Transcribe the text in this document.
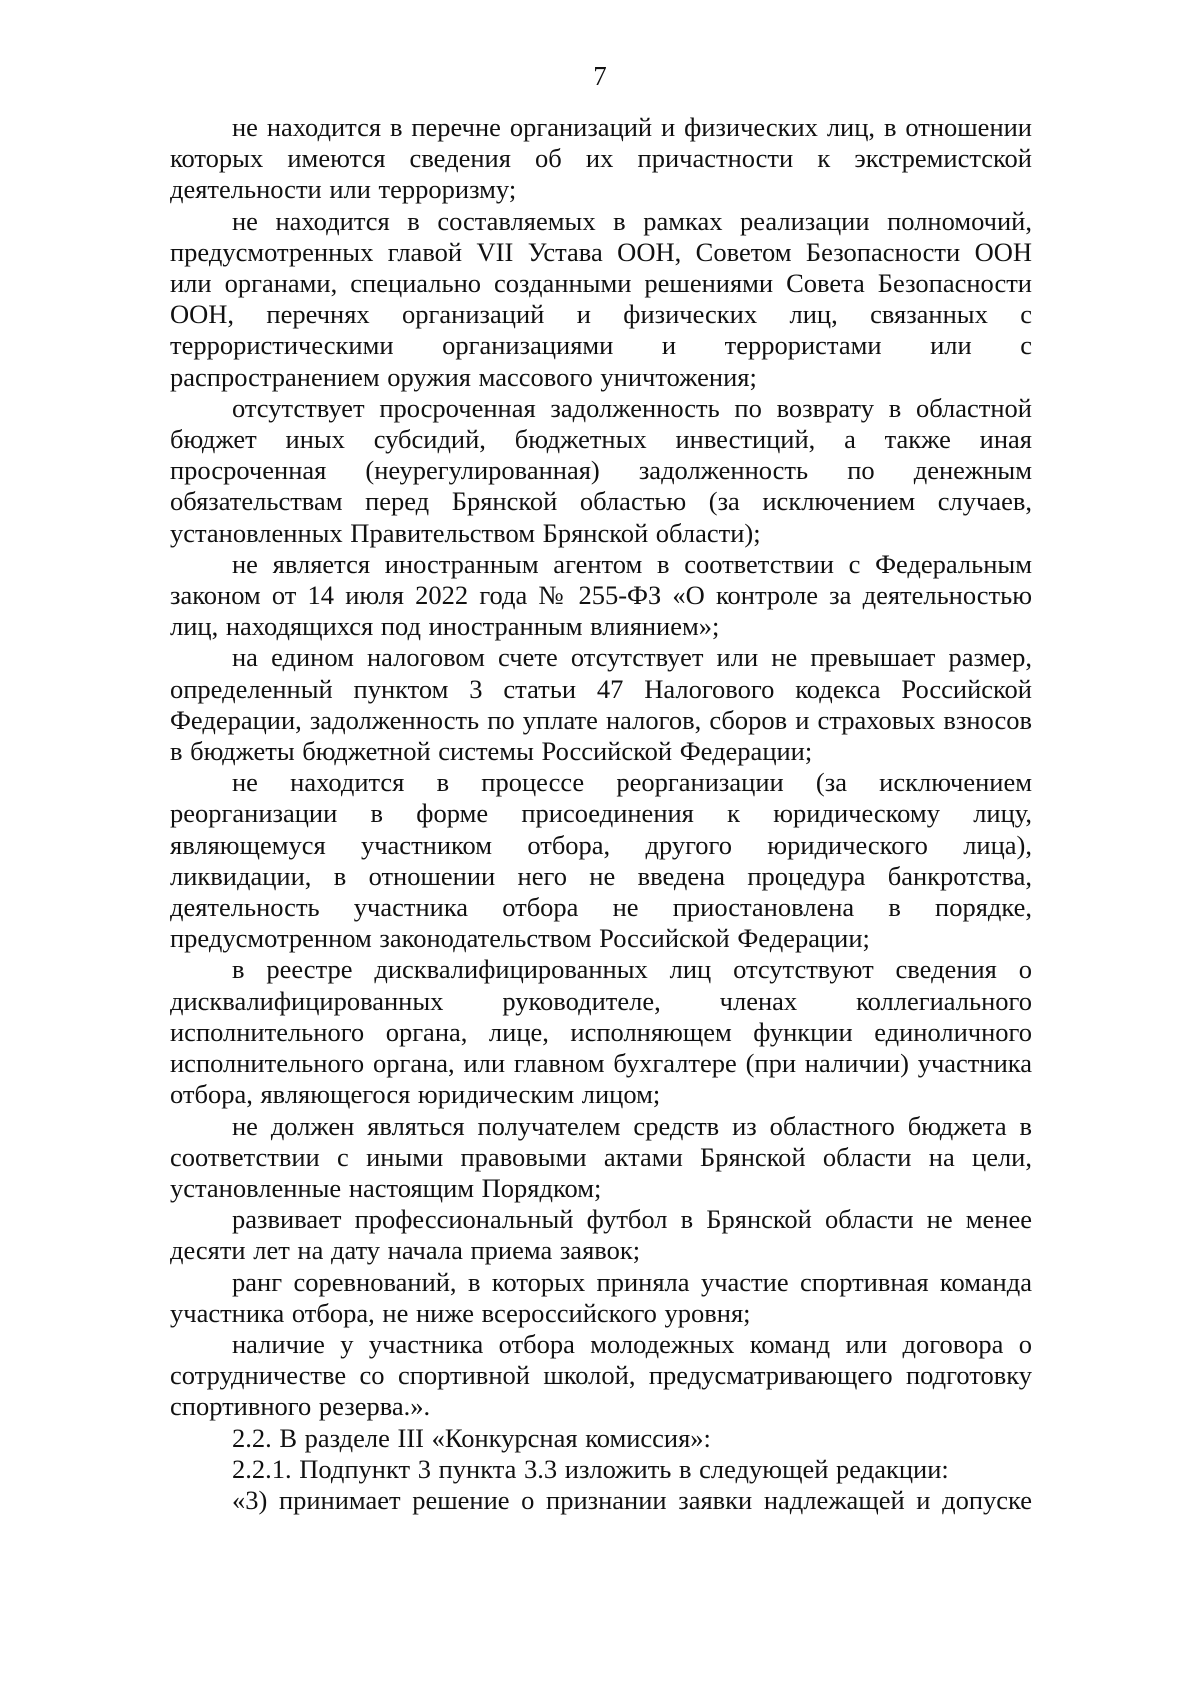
7

не находится в перечне организаций и физических лиц, в отношении которых имеются сведения об их причастности к экстремистской деятельности или терроризму;

не находится в составляемых в рамках реализации полномочий, предусмотренных главой VII Устава ООН, Советом Безопасности ООН или органами, специально созданными решениями Совета Безопасности ООН, перечнях организаций и физических лиц, связанных с террористическими организациями и террористами или с распространением оружия массового уничтожения;

отсутствует просроченная задолженность по возврату в областной бюджет иных субсидий, бюджетных инвестиций, а также иная просроченная (неурегулированная) задолженность по денежным обязательствам перед Брянской областью (за исключением случаев, установленных Правительством Брянской области);

не является иностранным агентом в соответствии с Федеральным законом от 14 июля 2022 года № 255-ФЗ «О контроле за деятельностью лиц, находящихся под иностранным влиянием»;

на едином налоговом счете отсутствует или не превышает размер, определенный пунктом 3 статьи 47 Налогового кодекса Российской Федерации, задолженность по уплате налогов, сборов и страховых взносов в бюджеты бюджетной системы Российской Федерации;

не находится в процессе реорганизации (за исключением реорганизации в форме присоединения к юридическому лицу, являющемуся участником отбора, другого юридического лица), ликвидации, в отношении него не введена процедура банкротства, деятельность участника отбора не приостановлена в порядке, предусмотренном законодательством Российской Федерации;

в реестре дисквалифицированных лиц отсутствуют сведения о дисквалифицированных руководителе, членах коллегиального исполнительного органа, лице, исполняющем функции единоличного исполнительного органа, или главном бухгалтере (при наличии) участника отбора, являющегося юридическим лицом;

не должен являться получателем средств из областного бюджета в соответствии с иными правовыми актами Брянской области на цели, установленные настоящим Порядком;

развивает профессиональный футбол в Брянской области не менее десяти лет на дату начала приема заявок;

ранг соревнований, в которых приняла участие спортивная команда участника отбора, не ниже всероссийского уровня;

наличие у участника отбора молодежных команд или договора о сотрудничестве со спортивной школой, предусматривающего подготовку спортивного резерва.».

2.2. В разделе III «Конкурсная комиссия»:

2.2.1. Подпункт 3 пункта 3.3 изложить в следующей редакции:

«3) принимает решение о признании заявки надлежащей и допуске
